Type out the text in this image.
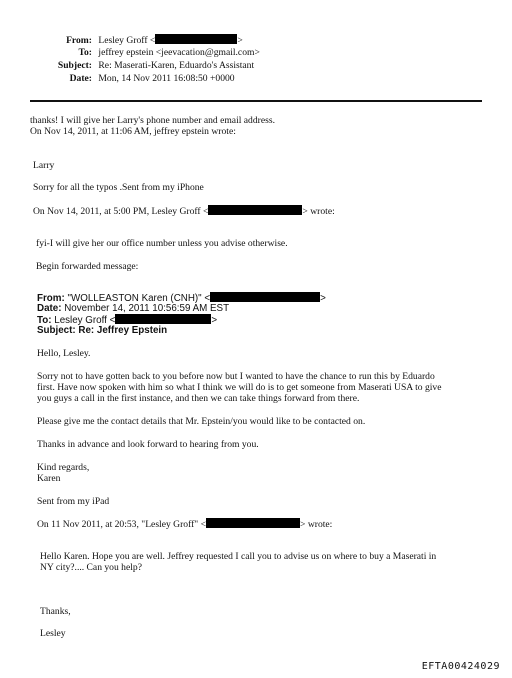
From: Lesley Groff <	>
To: jeffrey epstein <jeevacation@gmail.com>
Subject: Re: Maserati-Karen, Eduardo's Assistant
Date: Mon, 14 Nov 2011 16:08:50 +0000
thanks! I will give her Larry's phone number and email address.
On Nov 14, 2011, at 11:06 AM, jeffrey epstein wrote:
Larry
Sorry for all the typos .Sent from my iPhone
On Nov 14, 2011, at 5:00 PM, Lesley Groff <	> wrote:
fyi-I will give her our office number unless you advise otherwise.
Begin forwarded message:
From: "WOLLEASTON Karen (CNH)" <	>
Date: November 14, 2011 10:56:59 AM EST
To: Lesley Groff <	>
Subject: Re: Jeffrey Epstein
Hello, Lesley.
Sorry not to have gotten back to you before now but I wanted to have the chance to run this by Eduardo
first. Have now spoken with him so what I think we will do is to get someone from Maserati USA to give
you guys a call in the first instance, and then we can take things forward from there.
Please give me the contact details that Mr. Epstein/you would like to be contacted on.
Thanks in advance and look forward to hearing from you.
Kind regards,
Karen
Sent from my iPad
On 11 Nov 2011, at 20:53, "Lesley Groff" <	> wrote:
Hello Karen. Hope you are well. Jeffrey requested I call you to advise us on where to buy a Maserati in
NY city?.... Can you help?
Thanks,
Lesley
EFTA00424029
